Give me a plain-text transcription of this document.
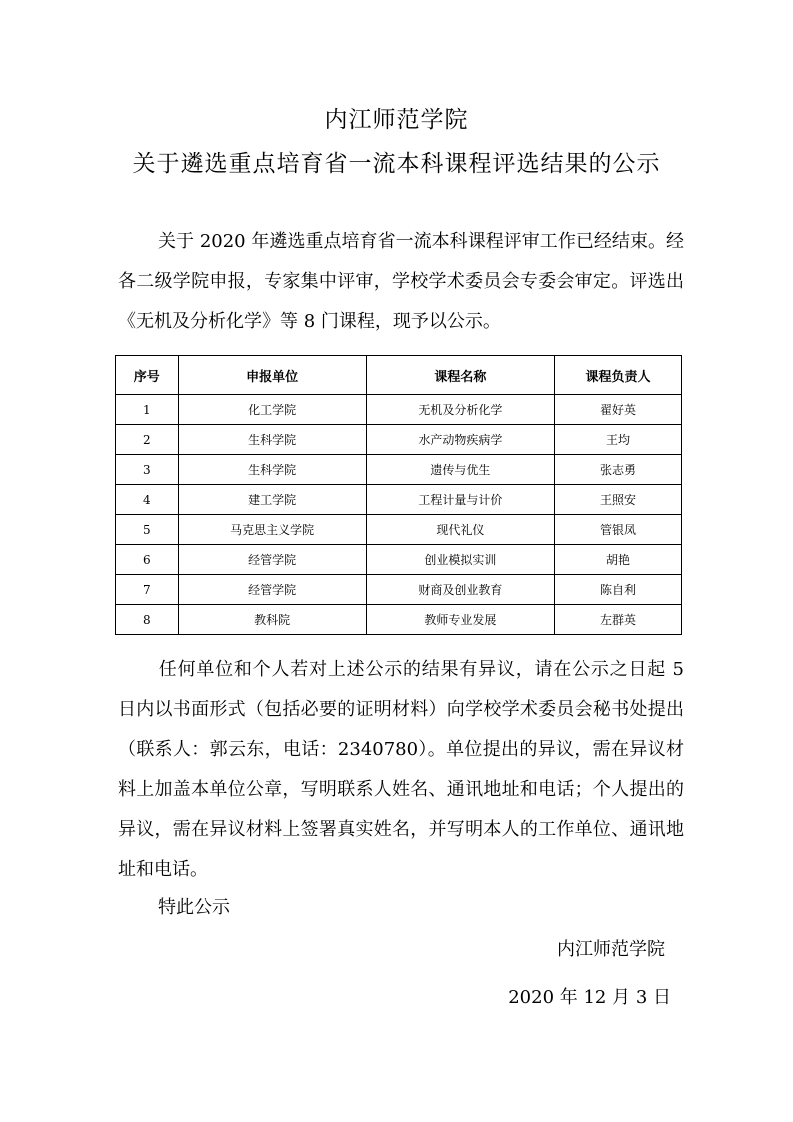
内江师范学院
关于遴选重点培育省一流本科课程评选结果的公示
关于 2020 年遴选重点培育省一流本科课程评审工作已经结束。经各二级学院申报，专家集中评审，学校学术委员会专委会审定。评选出《无机及分析化学》等 8 门课程，现予以公示。
序号	申报单位	课程名称	课程负责人
1	化工学院	无机及分析化学	翟好英
2	生科学院	水产动物疾病学	王均
3	生科学院	遗传与优生	张志勇
4	建工学院	工程计量与计价	王照安
5	马克思主义学院	现代礼仪	管银凤
6	经管学院	创业模拟实训	胡艳
7	经管学院	财商及创业教育	陈自利
8	教科院	教师专业发展	左群英
任何单位和个人若对上述公示的结果有异议，请在公示之日起 5 日内以书面形式（包括必要的证明材料）向学校学术委员会秘书处提出（联系人：郭云东，电话：2340780）。单位提出的异议，需在异议材料上加盖本单位公章，写明联系人姓名、通讯地址和电话；个人提出的异议，需在异议材料上签署真实姓名，并写明本人的工作单位、通讯地址和电话。
特此公示
内江师范学院
2020 年 12 月 3 日
